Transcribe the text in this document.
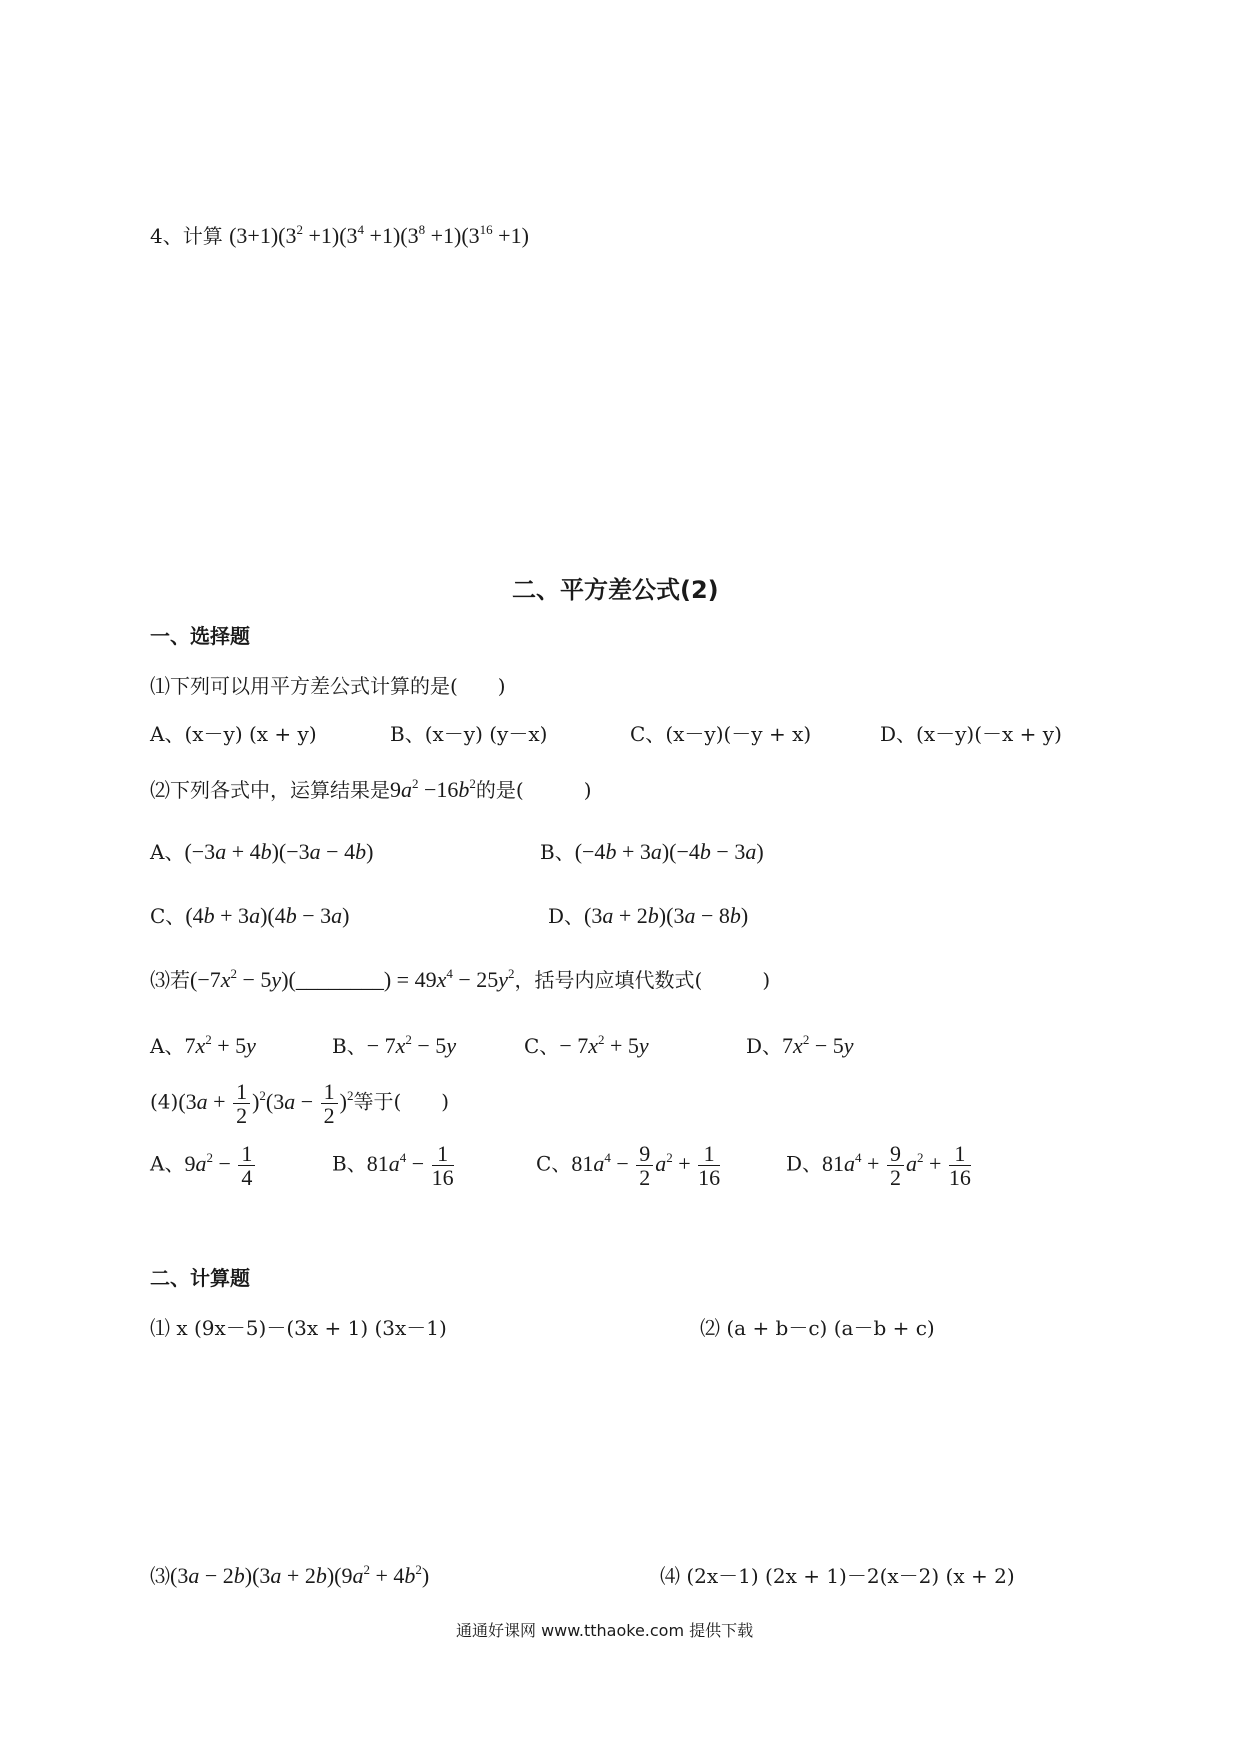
4、计算 $(3+1)(3^2 +1)(3^4 +1)(3^8 +1)(3^{16} +1)$
二、平方差公式(2)
一、选择题
⑴下列可以用平方差公式计算的是(　　)
A、(x－y) (x + y)	B、(x－y) (y－x)	C、(x－y)(－y + x)	D、(x－y)(－x + y)
⑵下列各式中，运算结果是$9a^2 -16b^2$的是(　　　)
A、(−3a + 4b)(−3a − 4b)	B、(−4b + 3a)(−4b − 3a)
C、(4b + 3a)(4b − 3a)	D、(3a + 2b)(3a − 8b)
⑶若($-7x^2$ − 5y)(________) = $49x^4 - 25y^2$，括号内应填代数式(　　　)
A、$7x^2 + 5y$	B、− $7x^2 - 5y$	C、− $7x^2 + 5y$	D、$7x^2 - 5y$
$(4)(3a + \frac{1}{2} )^2(3a - \frac{1}{2} )^2$等于(　　)
A、$9a^2 - \frac{1}{4}$	B、$81a^4 - \frac{1}{16}$	C、$81a^4 - \frac{9}{2} a^2 + \frac{1}{16}$	D、$81a^4 + \frac{9}{2} a^2 + \frac{1}{16}$
二、计算题
⑴ x (9x－5)－(3x + 1) (3x－1)	⑵ (a + b－c) (a－b + c)
⑶(3a − $2b)(3a + 2b)(9a^2 + 4b^2)$	⑷ (2x－1) (2x + 1)－2(x－2) (x + 2)
通通好课网 www.tthaoke.com 提供下载
